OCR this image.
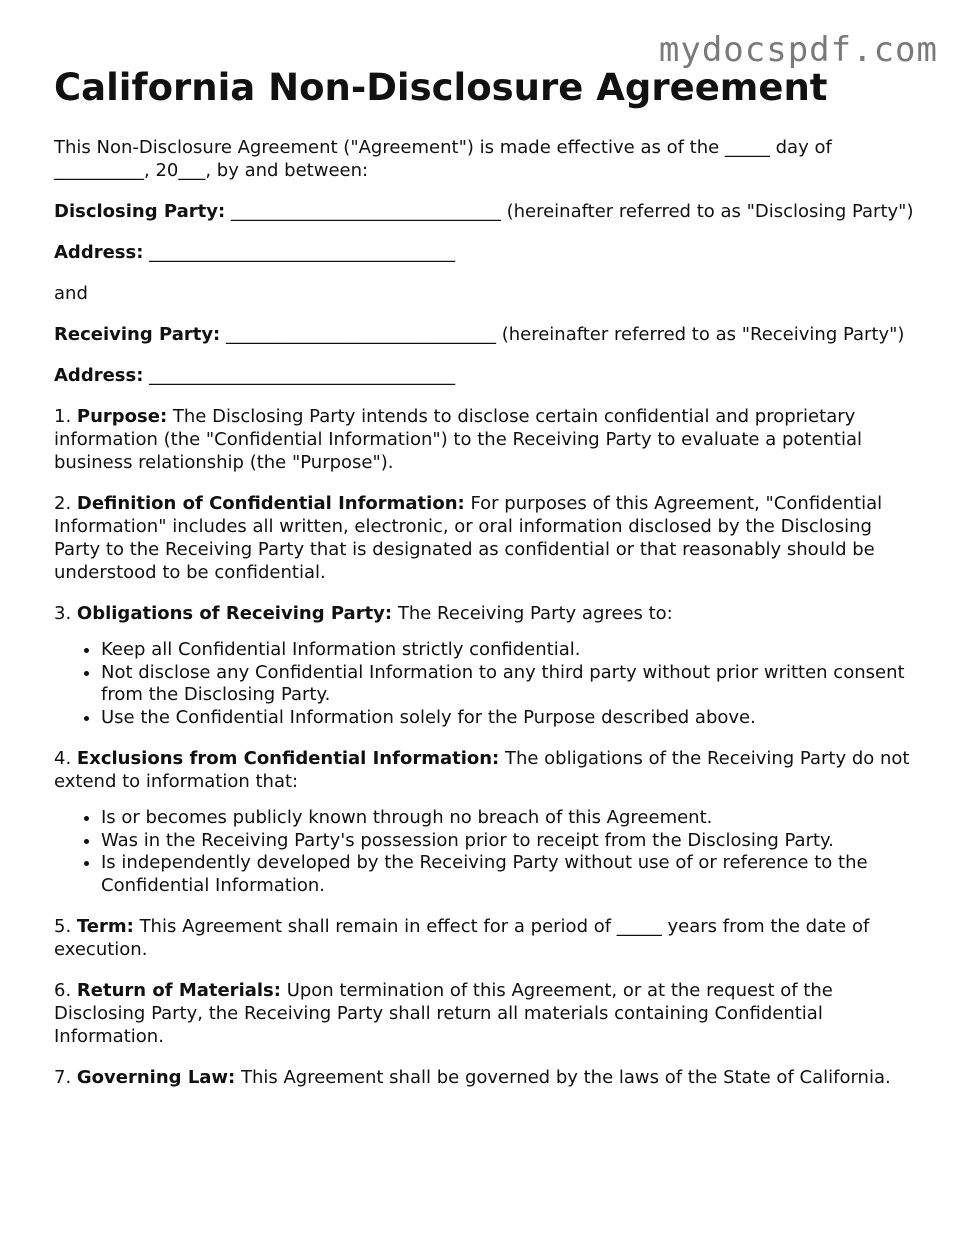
mydocspdf.com
California Non-Disclosure Agreement

This Non-Disclosure Agreement ("Agreement") is made effective as of the _____ day of __________, 20___, by and between:

Disclosing Party: ______________________________ (hereinafter referred to as "Disclosing Party")

Address: __________________________________

and

Receiving Party: ______________________________ (hereinafter referred to as "Receiving Party")

Address: __________________________________

1. Purpose: The Disclosing Party intends to disclose certain confidential and proprietary information (the "Confidential Information") to the Receiving Party to evaluate a potential business relationship (the "Purpose").

2. Definition of Confidential Information: For purposes of this Agreement, "Confidential Information" includes all written, electronic, or oral information disclosed by the Disclosing Party to the Receiving Party that is designated as confidential or that reasonably should be understood to be confidential.

3. Obligations of Receiving Party: The Receiving Party agrees to:

• Keep all Confidential Information strictly confidential.
• Not disclose any Confidential Information to any third party without prior written consent from the Disclosing Party.
• Use the Confidential Information solely for the Purpose described above.

4. Exclusions from Confidential Information: The obligations of the Receiving Party do not extend to information that:

• Is or becomes publicly known through no breach of this Agreement.
• Was in the Receiving Party's possession prior to receipt from the Disclosing Party.
• Is independently developed by the Receiving Party without use of or reference to the Confidential Information.

5. Term: This Agreement shall remain in effect for a period of _____ years from the date of execution.

6. Return of Materials: Upon termination of this Agreement, or at the request of the Disclosing Party, the Receiving Party shall return all materials containing Confidential Information.

7. Governing Law: This Agreement shall be governed by the laws of the State of California.
